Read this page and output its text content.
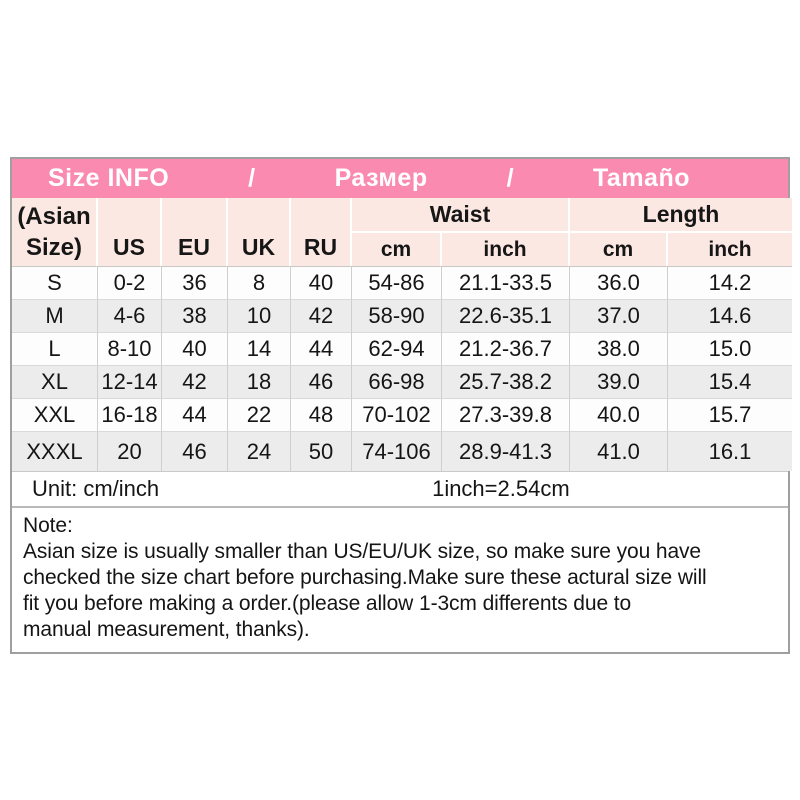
Size INFO	/	Размер	/	Tamaño
(Asian
Size)	US	EU	UK	RU	Waist		Length	
					cm	inch	cm	inch
S	0-2	36	8	40	54-86	21.1-33.5	36.0	14.2
M	4-6	38	10	42	58-90	22.6-35.1	37.0	14.6
L	8-10	40	14	44	62-94	21.2-36.7	38.0	15.0
XL	12-14	42	18	46	66-98	25.7-38.2	39.0	15.4
XXL	16-18	44	22	48	70-102	27.3-39.8	40.0	15.7
XXXL	20	46	24	50	74-106	28.9-41.3	41.0	16.1
Unit: cm/inch	1inch=2.54cm
Note:
Asian size is usually smaller than US/EU/UK size, so make sure you have
checked the size chart before purchasing.Make sure these actural size will
fit you before making a order.(please allow 1-3cm differents due to
manual measurement, thanks).
